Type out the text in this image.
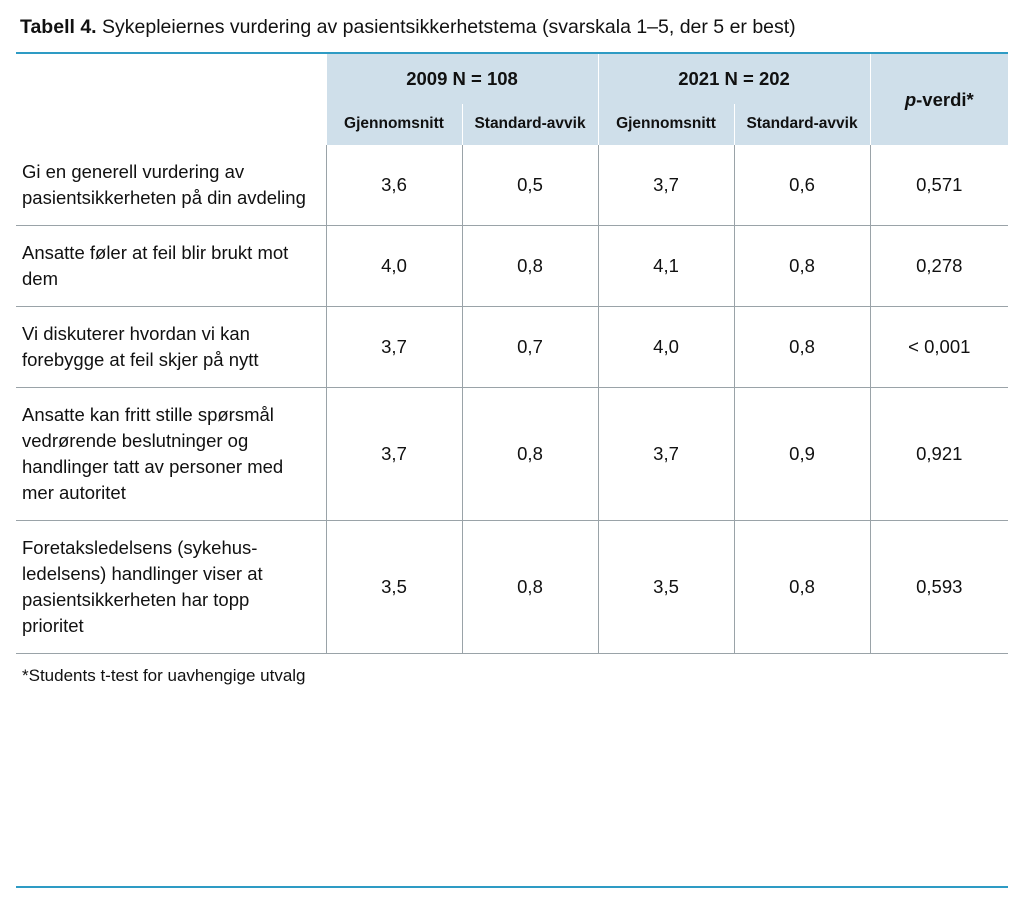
Tabell 4. Sykepleiernes vurdering av pasientsikkerhetstema (svarskala 1–5, der 5 er best)
	2009 N = 108		2021 N = 202		p-verdi*
	Gjennomsnitt	Standard-avvik	Gjennomsnitt	Standard-avvik	
Gi en generell vurdering av pasientsikkerheten på din avdeling	3,6	0,5	3,7	0,6	0,571
Ansatte føler at feil blir brukt mot dem	4,0	0,8	4,1	0,8	0,278
Vi diskuterer hvordan vi kan forebygge at feil skjer på nytt	3,7	0,7	4,0	0,8	< 0,001
Ansatte kan fritt stille spørsmål vedrørende beslutninger og handlinger tatt av personer med mer autoritet	3,7	0,8	3,7	0,9	0,921
Foretaksledelsens (sykehus-ledelsens) handlinger viser at pasientsikkerheten har topp prioritet	3,5	0,8	3,5	0,8	0,593
*Students t-test for uavhengige utvalg
